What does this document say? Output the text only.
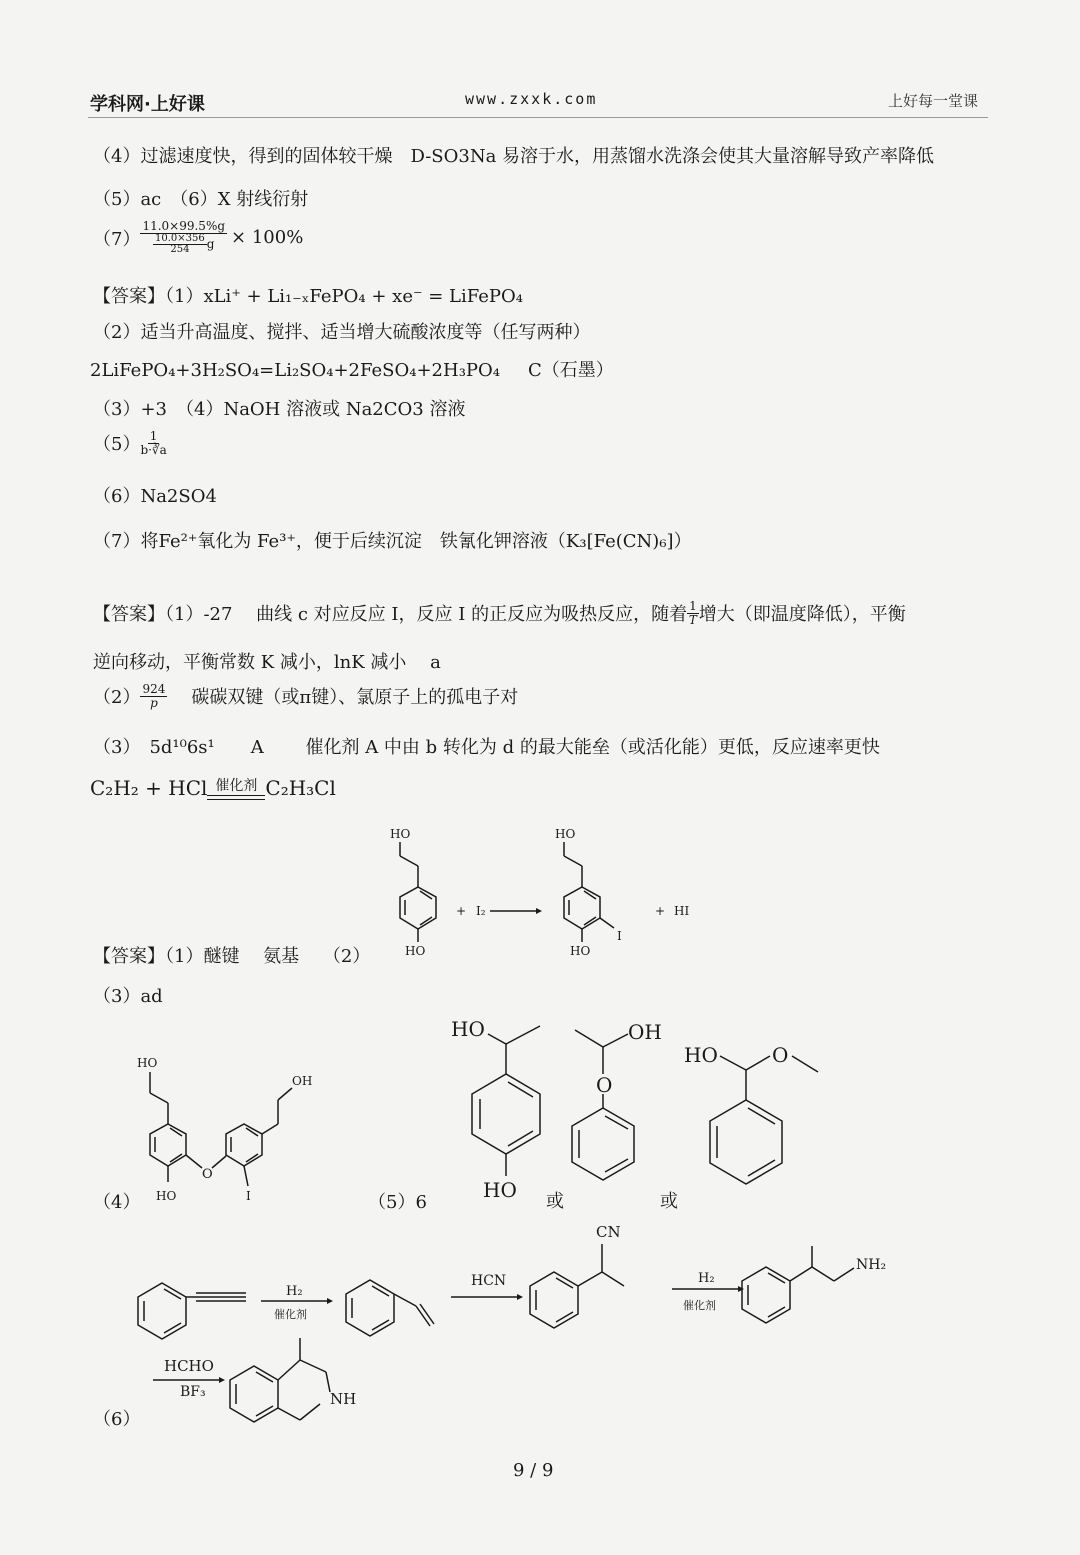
学科网·上好课	www.zxxk.com	上好每一堂课
（4）过滤速度快，得到的固体较干燥　D-SO3Na 易溶于水，用蒸馏水洗涤会使其大量溶解导致产率降低
（5）ac　（6）X 射线衍射
$(7) \frac{11.0\times 99.5\%g}{\frac{10.0\times 356}{254} g} \times 100\%$
【答案】（1）xLi⁺ + Li₁₋ₓFePO₄ + xe⁻ = LiFePO₄
（2）适当升高温度、搅拌、适当增大硫酸浓度等（任写两种）
2LiFePO₄+3H₂SO₄=Li₂SO₄+2FeSO₄+2H₃PO₄ C（石墨）
（3）+3　（4）NaOH 溶液或 Na2CO3 溶液
$(5) \frac{1}{b\cdot∛a}$
（6）Na2SO4
（7）将Fe²⁺氧化为 Fe³⁺，便于后续沉淀　铁氰化钾溶液（K₃[Fe(CN)₆]）
【答案】（1）-27　 曲线 c 对应反应 I，反应 I 的正反应为吸热反应，随着 $\frac{1}{T}$ 增大（即温度降低），平衡
逆向移动，平衡常数 K 减小，lnK 减小　 a
$(2) \frac{924}{p}$ 碳碳双键（或π键）、氯原子上的孤电子对
（3）　5d¹⁰6s¹　　A　　 催化剂 A 中由 b 转化为 d 的最大能垒（或活化能）更低，反应速率更快
C₂H₂ + HCl 催化剂 C₂H₃Cl
【答案】（1）醚键　 氨基　 （2）
（3）ad
（4）	（5）6	或	或
（6）
HO
HO
+ I₂
HO
HO
I
+ HI
HO
OH
HO
O
I
HO
HO
OH
O
HO	O
H₂
催化剂
HCN
CN
H₂
催化剂
NH₂
HCHO
BF₃	NH
9 / 9
